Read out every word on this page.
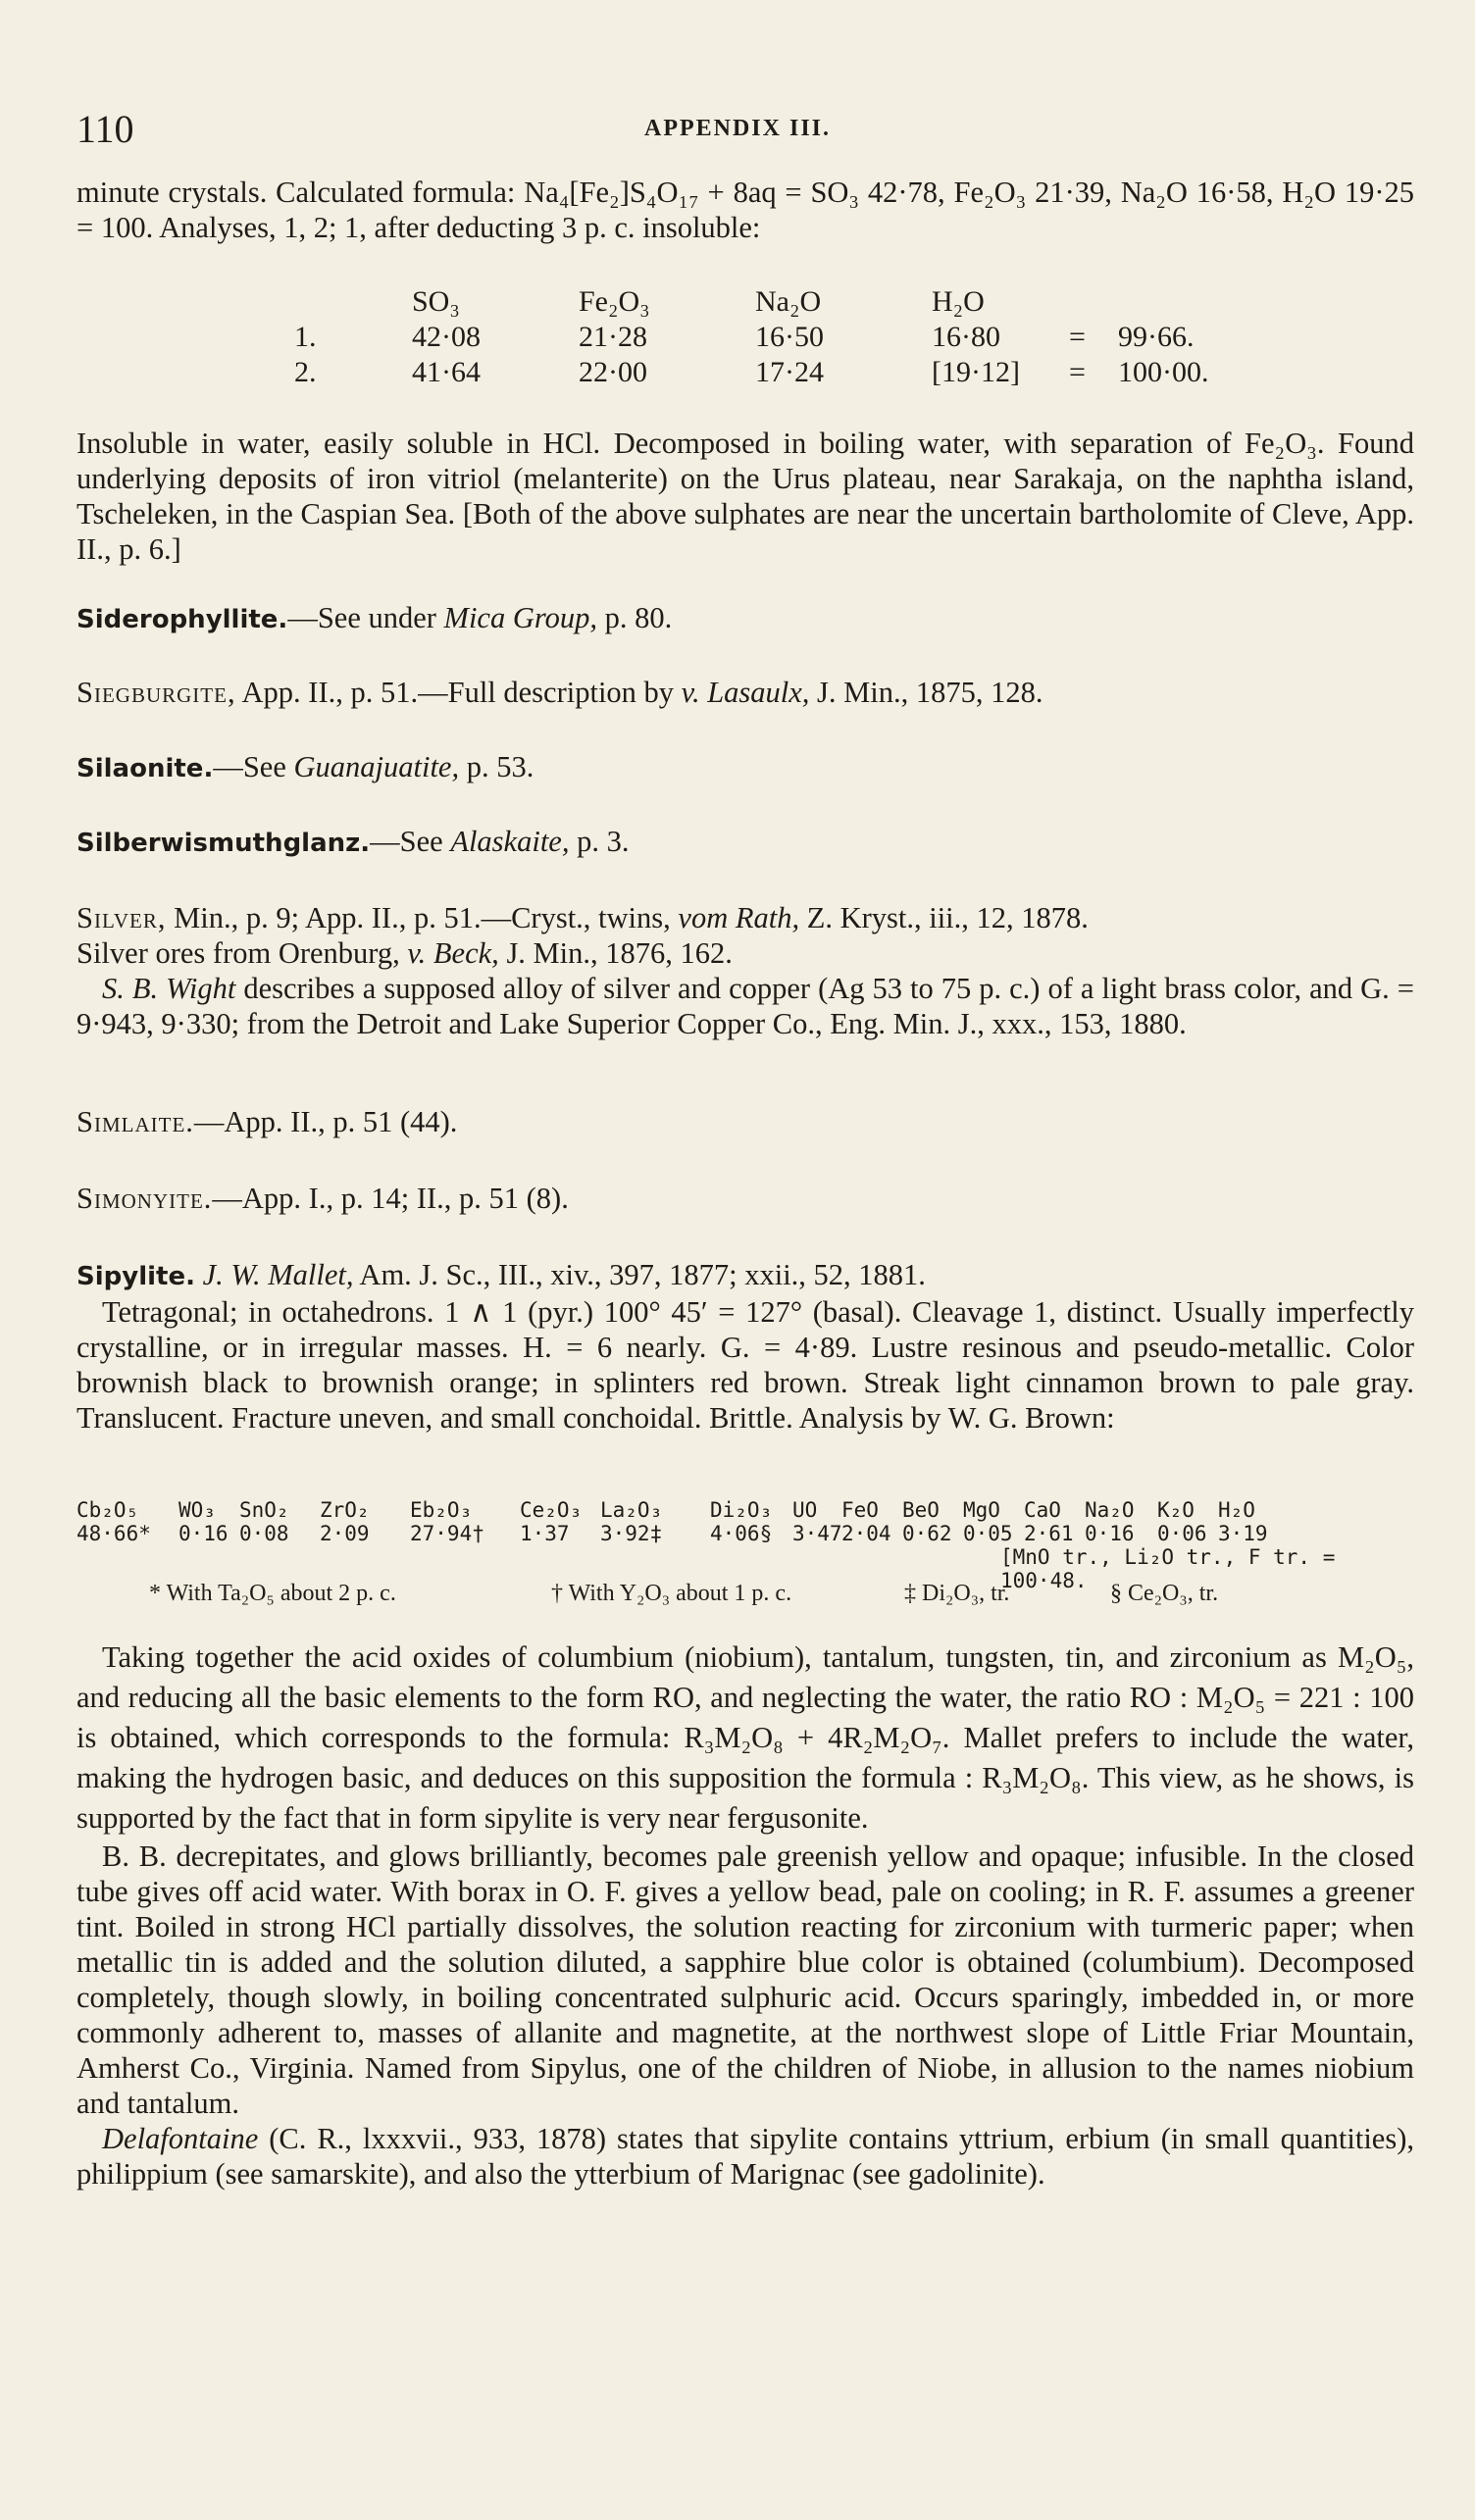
110	APPENDIX III.

minute crystals. Calculated formula: Na₄[Fe₂]S₄O₁₇ + 8aq = SO₃ 42·78, Fe₂O₃ 21·39, Na₂O 16·58, H₂O 19·25 = 100. Analyses, 1, 2; 1, after deducting 3 p. c. insoluble:

	SO₃	Fe₂O₃	Na₂O	H₂O		
1.	42·08	21·28	16·50	16·80	=	99·66.
2.	41·64	22·00	17·24	[19·12]	=	100·00.

Insoluble in water, easily soluble in HCl. Decomposed in boiling water, with separation of Fe₂O₃. Found underlying deposits of iron vitriol (melanterite) on the Urus plateau, near Sarakaja, on the naphtha island, Tscheleken, in the Caspian Sea. [Both of the above sulphates are near the uncertain bartholomite of Cleve, App. II., p. 6.]

Siderophyllite.—See under Mica Group, p. 80.

Siegburgite, App. II., p. 51.—Full description by v. Lasaulx, J. Min., 1875, 128.

Silaonite.—See Guanajuatite, p. 53.

Silberwismuthglanz.—See Alaskaite, p. 3.

Silver, Min., p. 9; App. II., p. 51.—Cryst., twins, vom Rath, Z. Kryst., iii., 12, 1878.

Silver ores from Orenburg, v. Beck, J. Min., 1876, 162.

S. B. Wight describes a supposed alloy of silver and copper (Ag 53 to 75 p. c.) of a light brass color, and G. = 9·943, 9·330; from the Detroit and Lake Superior Copper Co., Eng. Min. J., xxx., 153, 1880.

Simlaite.—App. II., p. 51 (44).

Simonyite.—App. I., p. 14; II., p. 51 (8).

Sipylite. J. W. Mallet, Am. J. Sc., III., xiv., 397, 1877; xxii., 52, 1881.

Tetragonal; in octahedrons. 1 ∧ 1 (pyr.) 100° 45′ = 127° (basal). Cleavage 1, distinct. Usually imperfectly crystalline, or in irregular masses. H. = 6 nearly. G. = 4·89. Lustre resinous and pseudo-metallic. Color brownish black to brownish orange; in splinters red brown. Streak light cinnamon brown to pale gray. Translucent. Fracture uneven, and small conchoidal. Brittle. Analysis by W. G. Brown:

Cb₂O₅	WO₃	SnO₂	ZrO₂	Eb₂O₃	Ce₂O₃ La₂O₃	Di₂O₃ UO	FeO	BeO	MgO	CaO	Na₂O	K₂O	H₂O
48·66*	0·16 0·08	2·09	27·94†	1·37	3·92‡	4·06§ 3·47 2·04 0·62 0·05 2·61 0·16	0·06 3·19
[MnO tr., Li₂O tr., F tr. = 100·48.
* With Ta₂O₅ about 2 p. c.	† With Y₂O₃ about 1 p. c.	‡ Di₂O₃, tr.	§ Ce₂O₃, tr.

Taking together the acid oxides of columbium (niobium), tantalum, tungsten, tin, and zirconium as M₂O₅, and reducing all the basic elements to the form RO, and neglecting the water, the ratio RO : M₂O₅ = 221 : 100 is obtained, which corresponds to the formula: R₃M₂O₈ + 4R₂M₂O₇. Mallet prefers to include the water, making the hydrogen basic, and deduces on this supposition the formula : R₃M₂O₈. This view, as he shows, is supported by the fact that in form sipylite is very near fergusonite.

B. B. decrepitates, and glows brilliantly, becomes pale greenish yellow and opaque; infusible. In the closed tube gives off acid water. With borax in O. F. gives a yellow bead, pale on cooling; in R. F. assumes a greener tint. Boiled in strong HCl partially dissolves, the solution reacting for zirconium with turmeric paper; when metallic tin is added and the solution diluted, a sapphire blue color is obtained (columbium). Decomposed completely, though slowly, in boiling concentrated sulphuric acid. Occurs sparingly, imbedded in, or more commonly adherent to, masses of allanite and magnetite, at the northwest slope of Little Friar Mountain, Amherst Co., Virginia. Named from Sipylus, one of the children of Niobe, in allusion to the names niobium and tantalum.

Delafontaine (C. R., lxxxvii., 933, 1878) states that sipylite contains yttrium, erbium (in small quantities), philippium (see samarskite), and also the ytterbium of Marignac (see gadolinite).
